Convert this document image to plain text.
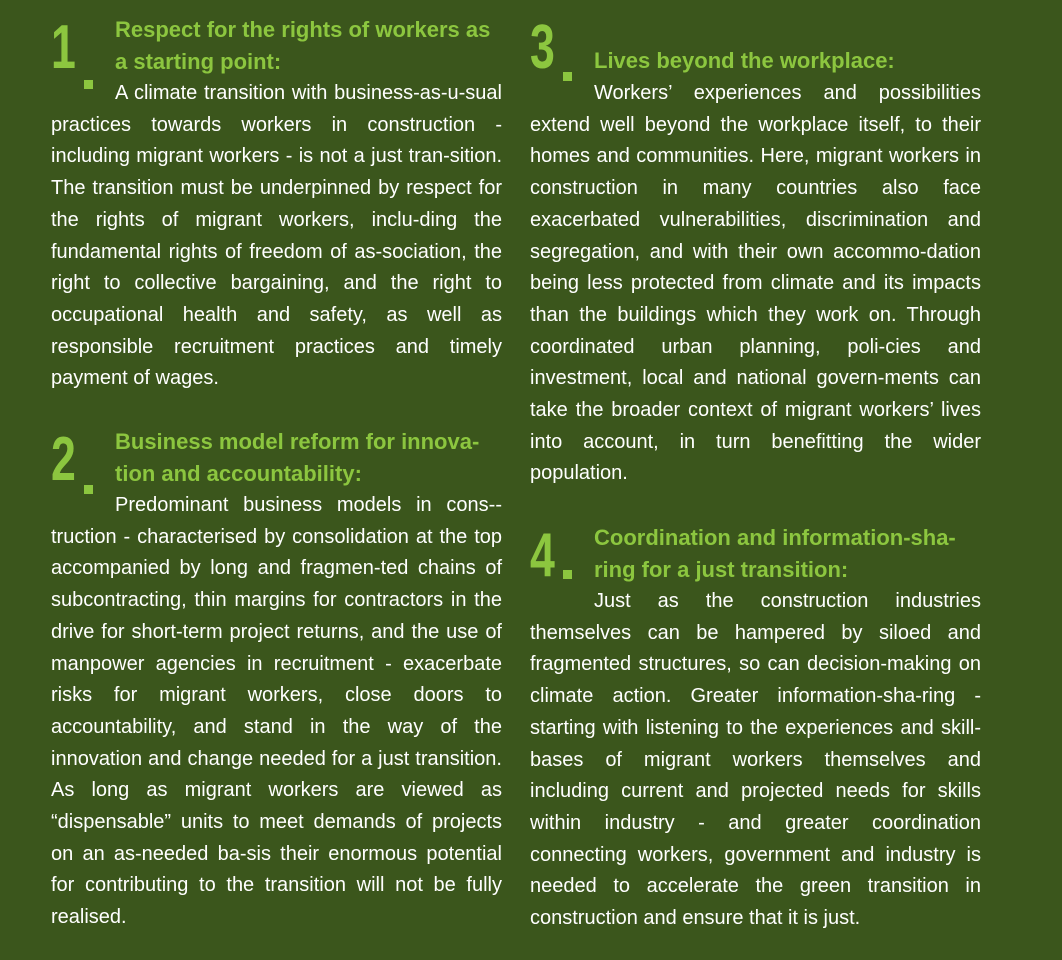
1 Respect for the rights of workers as
a starting point:

A climate transition with business-as-u-sual practices towards workers in construction - including migrant workers - is not a just tran-sition. The transition must be underpinned by respect for the rights of migrant workers, inclu-ding the fundamental rights of freedom of as-sociation, the right to collective bargaining, and the right to occupational health and safety, as well as responsible recruitment practices and timely payment of wages.

2 Business model reform for innova-
tion and accountability:

Predominant business models in cons-truction - characterised by consolidation at the top accompanied by long and fragmen-ted chains of subcontracting, thin margins for contractors in the drive for short-term project returns, and the use of manpower agencies in recruitment - exacerbate risks for migrant workers, close doors to accountability, and stand in the way of the innovation and change needed for a just transition. As long as migrant workers are viewed as “dispensable” units to meet demands of projects on an as-needed ba-sis their enormous potential for contributing to the transition will not be fully realised.

3 Lives beyond the workplace:

Workers’ experiences and possibilities extend well beyond the workplace itself, to their homes and communities. Here, migrant workers in construction in many countries also face exacerbated vulnerabilities, discrimination and segregation, and with their own accommo-dation being less protected from climate and its impacts than the buildings which they work on. Through coordinated urban planning, poli-cies and investment, local and national govern-ments can take the broader context of migrant workers’ lives into account, in turn benefitting the wider population.

4 Coordination and information-sha-
ring for a just transition:

Just as the construction industries themselves can be hampered by siloed and fragmented structures, so can decision-making on climate action. Greater information-sha-ring - starting with listening to the experiences and skill-bases of migrant workers themselves and including current and projected needs for skills within industry - and greater coordination connecting workers, government and industry is needed to accelerate the green transition in construction and ensure that it is just.
